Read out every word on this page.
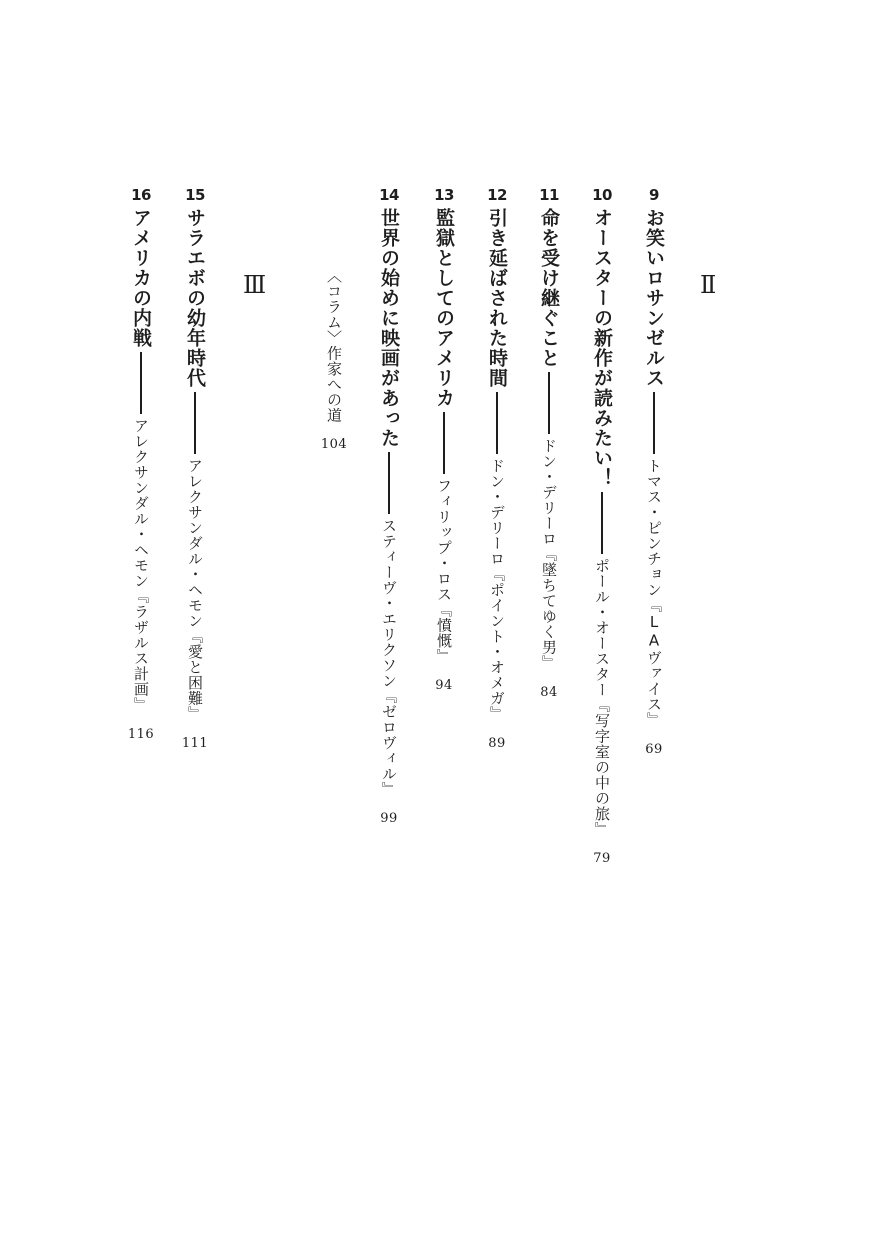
Ⅱ
9
お笑いロサンゼルス
トマス・ピンチョン『LAヴァイス』
69
10
オースターの新作が読みたい！
ポール・オースター『写字室の中の旅』
79
11
命を受け継ぐこと
ドン・デリーロ『墜ちてゆく男』
84
12
引き延ばされた時間
ドン・デリーロ『ポイント・オメガ』
89
13
監獄としてのアメリカ
フィリップ・ロス『憤慨』
94
14
世界の始めに映画があった
スティーヴ・エリクソン『ゼロヴィル』
99
〈コラム〉作家への道
104
Ⅲ
15
サラエボの幼年時代
アレクサンダル・ヘモン『愛と困難』
111
16
アメリカの内戦
アレクサンダル・ヘモン『ラザルス計画』
116
